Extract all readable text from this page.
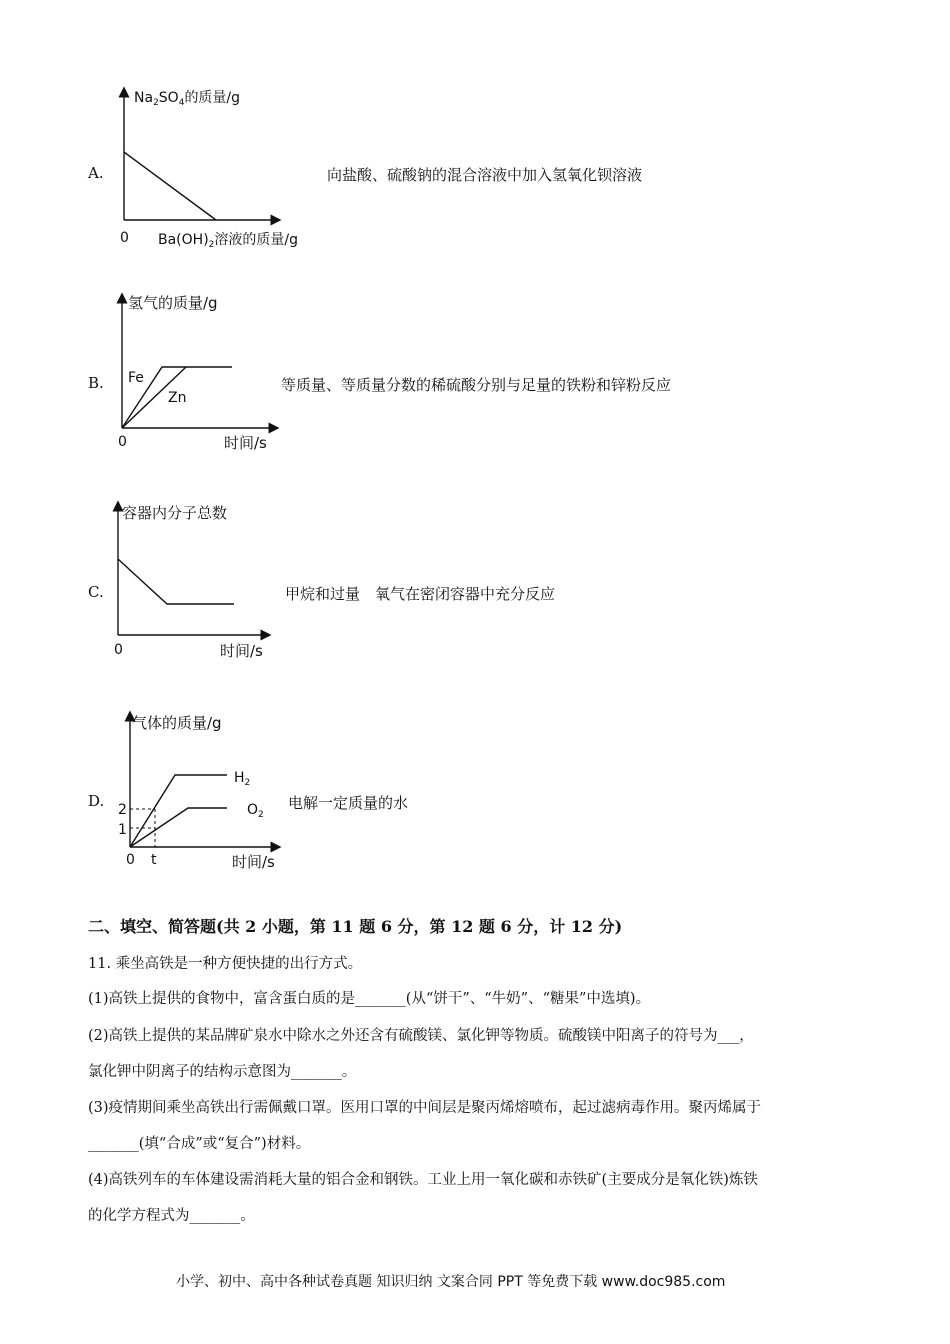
A.
$Na_2SO_4$的质量/g
0 $Ba(OH)_2$溶液的质量/g
向盐酸、硫酸钠的混合溶液中加入氢氧化钡溶液
B.
氢气的质量/g
0	时间/s
Fe
Zn
等质量、等质量分数的稀硫酸分别与足量的铁粉和锌粉反应
C.
容器内分子总数
0	时间/s
甲烷和过量　氧气在密闭容器中充分反应
D.
气体的质量/g
2
1
0 t	时间/s
$H_2$
$O_2$
电解一定质量的水
二、填空、简答题(共 2 小题，第 11 题 6 分，第 12 题 6 分，计 12 分)
11. 乘坐高铁是一种方便快捷的出行方式。
(1)高铁上提供的食物中，富含蛋白质的是_______(从“饼干”、“牛奶”、“糖果”中选填)。
(2)高铁上提供的某品牌矿泉水中除水之外还含有硫酸镁、氯化钾等物质。硫酸镁中阳离子的符号为___，
氯化钾中阴离子的结构示意图为_______。
(3)疫情期间乘坐高铁出行需佩戴口罩。医用口罩的中间层是聚丙烯熔喷布，起过滤病毒作用。聚丙烯属于
_______(填“合成”或“复合”)材料。
(4)高铁列车的车体建设需消耗大量的铝合金和钢铁。工业上用一氧化碳和赤铁矿(主要成分是氧化铁)炼铁
的化学方程式为_______。
小学、初中、高中各种试卷真题 知识归纳 文案合同 PPT 等免费下载 www.doc985.com
